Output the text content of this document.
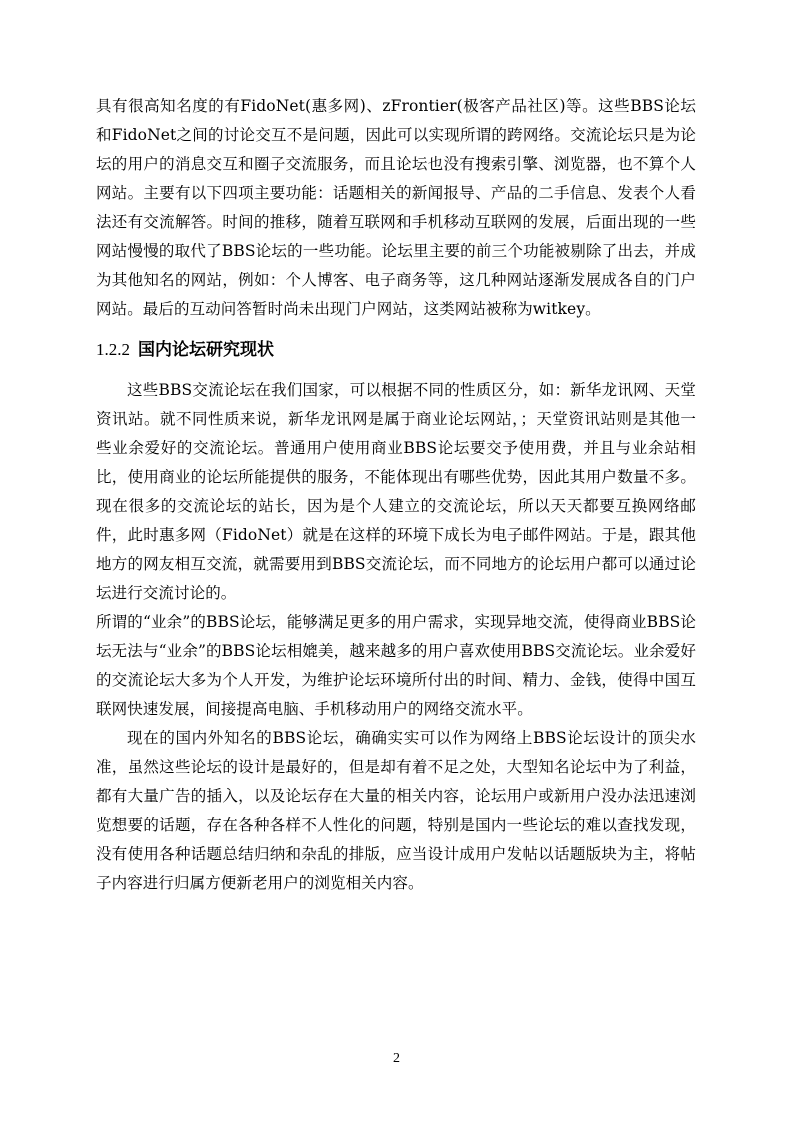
具有很高知名度的有FidoNet(惠多网)、zFrontier(极客产品社区)等。这些BBS论坛和FidoNet之间的讨论交互不是问题，因此可以实现所谓的跨网络。交流论坛只是为论坛的用户的消息交互和圈子交流服务，而且论坛也没有搜索引擎、浏览器，也不算个人网站。主要有以下四项主要功能：话题相关的新闻报导、产品的二手信息、发表个人看法还有交流解答。时间的推移，随着互联网和手机移动互联网的发展，后面出现的一些网站慢慢的取代了BBS论坛的一些功能。论坛里主要的前三个功能被剔除了出去，并成为其他知名的网站，例如：个人博客、电子商务等，这几种网站逐渐发展成各自的门户网站。最后的互动问答暂时尚未出现门户网站，这类网站被称为witkey。

1.2.2 国内论坛研究现状

这些BBS交流论坛在我们国家，可以根据不同的性质区分，如：新华龙讯网、天堂资讯站。就不同性质来说，新华龙讯网是属于商业论坛网站，；天堂资讯站则是其他一些业余爱好的交流论坛。普通用户使用商业BBS论坛要交予使用费，并且与业余站相比，使用商业的论坛所能提供的服务，不能体现出有哪些优势，因此其用户数量不多。现在很多的交流论坛的站长，因为是个人建立的交流论坛，所以天天都要互换网络邮件，此时惠多网（FidoNet）就是在这样的环境下成长为电子邮件网站。于是，跟其他地方的网友相互交流，就需要用到BBS交流论坛，而不同地方的论坛用户都可以通过论坛进行交流讨论的。

所谓的“业余”的BBS论坛，能够满足更多的用户需求，实现异地交流，使得商业BBS论坛无法与“业余”的BBS论坛相媲美，越来越多的用户喜欢使用BBS交流论坛。业余爱好的交流论坛大多为个人开发，为维护论坛环境所付出的时间、精力、金钱，使得中国互联网快速发展，间接提高电脑、手机移动用户的网络交流水平。

现在的国内外知名的BBS论坛，确确实实可以作为网络上BBS论坛设计的顶尖水准，虽然这些论坛的设计是最好的，但是却有着不足之处，大型知名论坛中为了利益，都有大量广告的插入，以及论坛存在大量的相关内容，论坛用户或新用户没办法迅速浏览想要的话题，存在各种各样不人性化的问题，特别是国内一些论坛的难以查找发现，没有使用各种话题总结归纳和杂乱的排版，应当设计成用户发帖以话题版块为主，将帖子内容进行归属方便新老用户的浏览相关内容。

2
